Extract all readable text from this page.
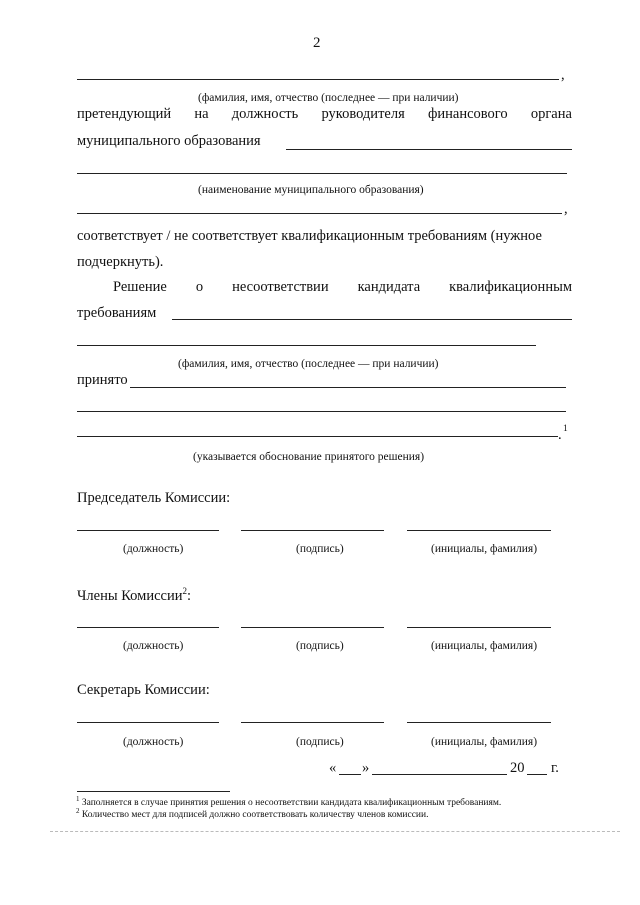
2
,
(фамилия, имя, отчество (последнее — при наличии)
претендующий на должность руководителя финансового органа
муниципального образования
(наименование муниципального образования)
,
соответствует / не соответствует квалификационным требованиям (нужное
подчеркнуть).
Решение о несоответствии кандидата квалификационным
требованиям
(фамилия, имя, отчество (последнее — при наличии)
принято
1
.
(указывается обоснование принятого решения)
Председатель Комиссии:
(должность)	(подпись)	(инициалы, фамилия)
Члены Комиссии$^2$:
(должность)	(подпись)	(инициалы, фамилия)
Секретарь Комиссии:
(должность)	(подпись)	(инициалы, фамилия)
« »	20 г.
$^1$ Заполняется в случае принятия решения о несоответствии кандидата квалификационным требованиям.
$^2$ Количество мест для подписей должно соответствовать количеству членов комиссии.
